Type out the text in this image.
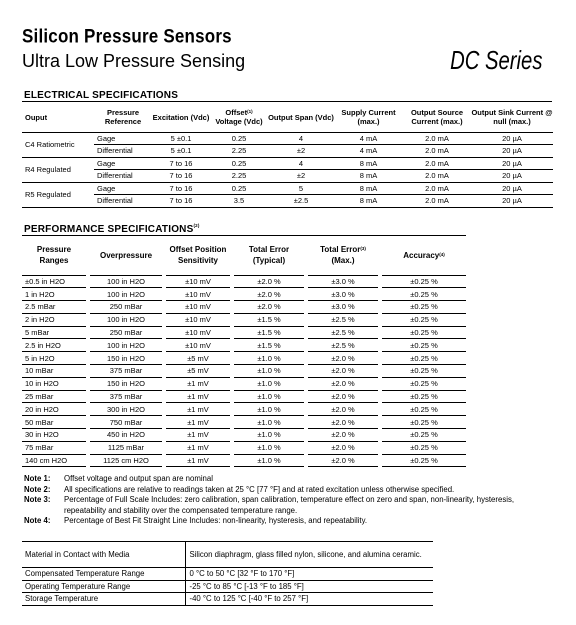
Silicon Pressure Sensors
Ultra Low Pressure Sensing	DC Series
ELECTRICAL SPECIFICATIONS
Ouput	Pressure Reference	Excitation (Vdc)	Offset$^{(1)}$
Voltage (Vdc)	Output Span (Vdc)	Supply Current (max.)	Output Source Current (max.)	Output Sink Current @ null (max.)
C4 Ratiometric	Gage	5 ±0.1	0.25	4	4 mA	2.0 mA	20 µA
	Differential	5 ±0.1	2.25	±2	4 mA	2.0 mA	20 µA
R4 Regulated	Gage	7 to 16	0.25	4	8 mA	2.0 mA	20 µA
	Differential	7 to 16	2.25	±2	8 mA	2.0 mA	20 µA
R5 Regulated	Gage	7 to 16	0.25	5	8 mA	2.0 mA	20 µA
	Differential	7 to 16	3.5	±2.5	8 mA	2.0 mA	20 µA
PERFORMANCE SPECIFICATIONS$^{(2)}$
Pressure Ranges		Overpressure		Offset Position Sensitivity		Total Error (Typical)		Total Error$^{(3)}$
(Max.)		Accuracy$^{(4)}$
±0.5 in H2O		100 in H2O		±10 mV		±2.0 %		±3.0 %		±0.25 %
1 in H2O		100 in H2O		±10 mV		±2.0 %		±3.0 %		±0.25 %
2.5 mBar		250 mBar		±10 mV		±2.0 %		±3.0 %		±0.25 %
2 in H2O		100 in H2O		±10 mV		±1.5 %		±2.5 %		±0.25 %
5 mBar		250 mBar		±10 mV		±1.5 %		±2.5 %		±0.25 %
2.5 in H2O		100 in H2O		±10 mV		±1.5 %		±2.5 %		±0.25 %
5 in H2O		150 in H2O		±5 mV		±1.0 %		±2.0 %		±0.25 %
10 mBar		375 mBar		±5 mV		±1.0 %		±2.0 %		±0.25 %
10 in H2O		150 in H2O		±1 mV		±1.0 %		±2.0 %		±0.25 %
25 mBar		375 mBar		±1 mV		±1.0 %		±2.0 %		±0.25 %
20 in H2O		300 in H2O		±1 mV		±1.0 %		±2.0 %		±0.25 %
50 mBar		750 mBar		±1 mV		±1.0 %		±2.0 %		±0.25 %
30 in H2O		450 in H2O		±1 mV		±1.0 %		±2.0 %		±0.25 %
75 mBar		1125 mBar		±1 mV		±1.0 %		±2.0 %		±0.25 %
140 cm H2O		1125 cm H2O		±1 mV		±1.0 %		±2.0 %		±0.25 %
Note 1:	Offset voltage and output span are nominal
Note 2:	All specifications are relative to readings taken at 25 °C [77 °F] and at rated excitation unless otherwise specified.
Note 3:	Percentage of Full Scale Includes: zero calibration, span calibration, temperature effect on zero and span, non-linearity, hysteresis, repeatability and stability over the compensated temperature range.
Note 4:	Percentage of Best Fit Straight Line Includes: non-linearity, hysteresis, and repeatability.
Material in Contact with Media	Silicon diaphragm, glass filled nylon, silicone, and alumina ceramic.
Compensated Temperature Range	0 °C to 50 °C [32 °F to 170 °F]
Operating Temperature Range	-25 °C to 85 °C [-13 °F to 185 °F]
Storage Temperature	-40 °C to 125 °C [-40 °F to 257 °F]
